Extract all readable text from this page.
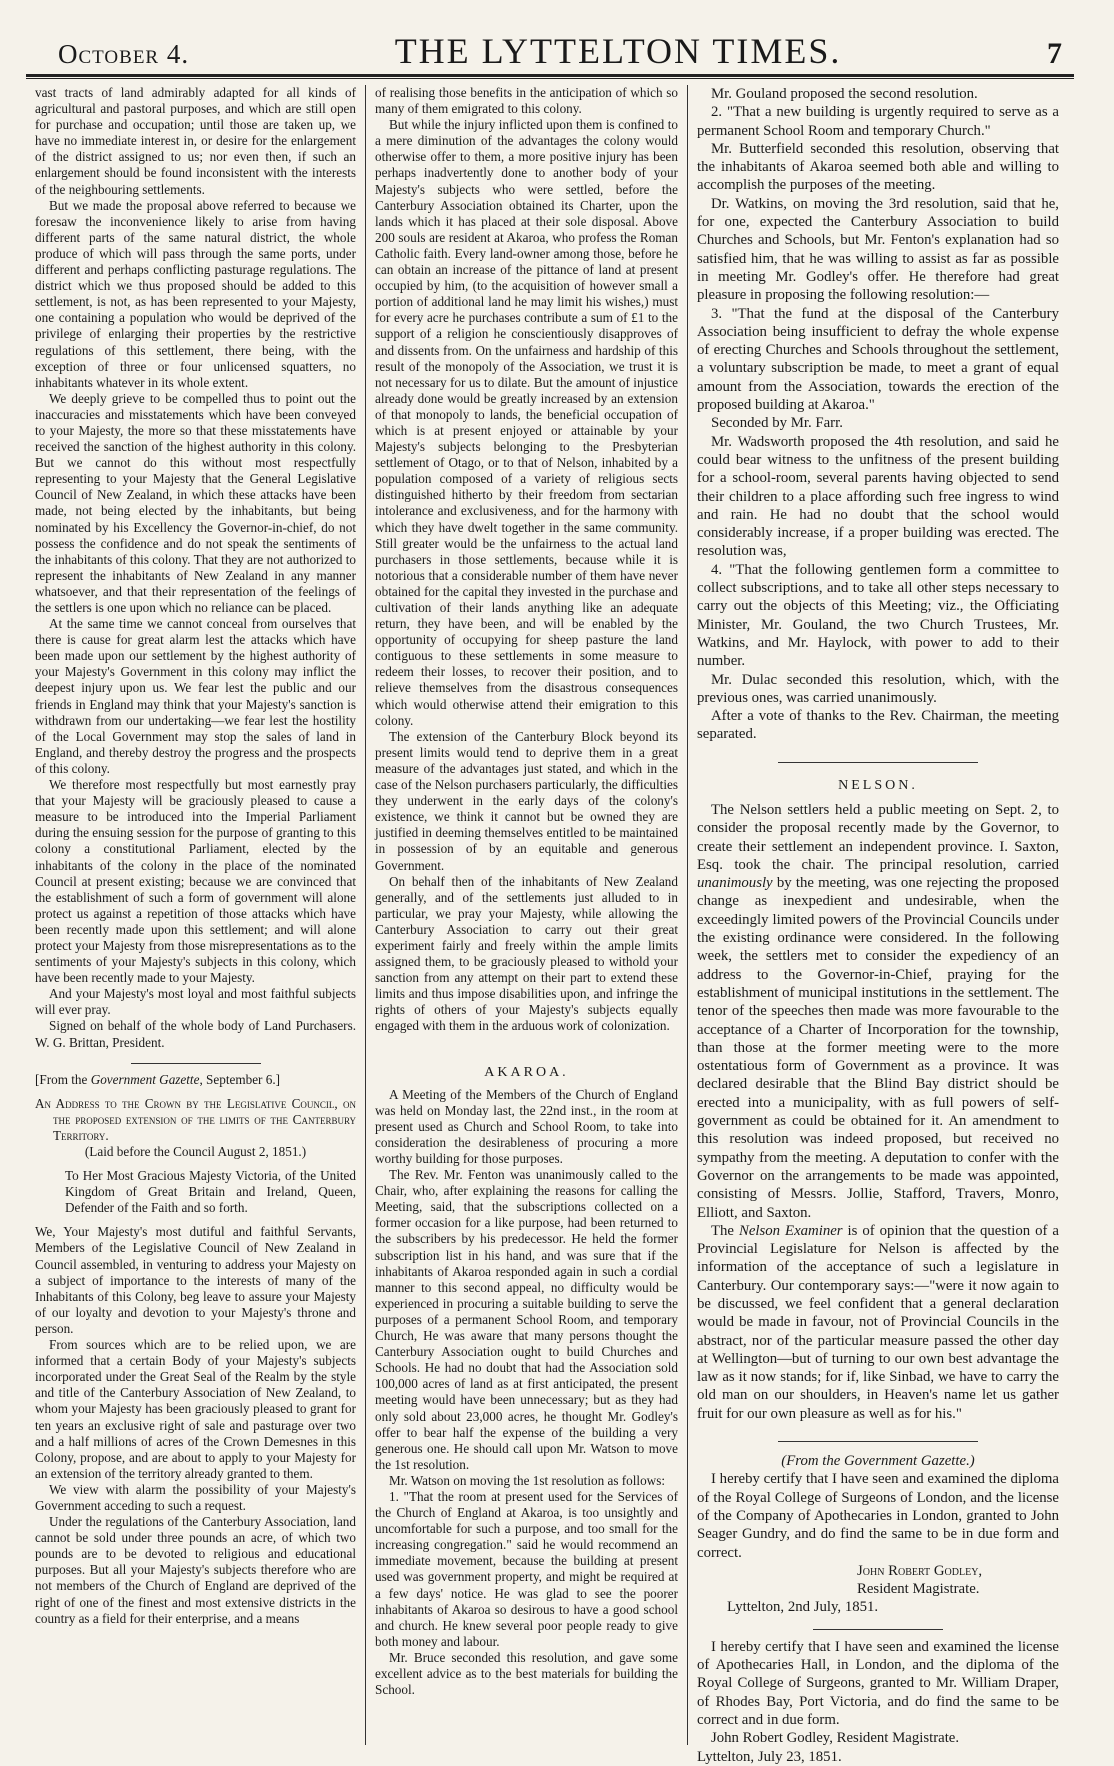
October 4.	THE LYTTELTON TIMES.	7

vast tracts of land admirably adapted for all kinds of agricultural and pastoral purposes, and which are still open for purchase and occupation; until those are taken up, we have no immediate interest in, or desire for the enlargement of the district assigned to us; nor even then, if such an enlargement should be found inconsistent with the interests of the neighbouring settlements.

But we made the proposal above referred to because we foresaw the inconvenience likely to arise from having different parts of the same natural district, the whole produce of which will pass through the same ports, under different and perhaps conflicting pasturage regulations. The district which we thus proposed should be added to this settlement, is not, as has been represented to your Majesty, one containing a population who would be deprived of the privilege of enlarging their properties by the restrictive regulations of this settlement, there being, with the exception of three or four unlicensed squatters, no inhabitants whatever in its whole extent.

We deeply grieve to be compelled thus to point out the inaccuracies and misstatements which have been conveyed to your Majesty, the more so that these misstatements have received the sanction of the highest authority in this colony. But we cannot do this without most respectfully representing to your Majesty that the General Legislative Council of New Zealand, in which these attacks have been made, not being elected by the inhabitants, but being nominated by his Excellency the Governor-in-chief, do not possess the confidence and do not speak the sentiments of the inhabitants of this colony. That they are not authorized to represent the inhabitants of New Zealand in any manner whatsoever, and that their representation of the feelings of the settlers is one upon which no reliance can be placed.

At the same time we cannot conceal from ourselves that there is cause for great alarm lest the attacks which have been made upon our settlement by the highest authority of your Majesty's Government in this colony may inflict the deepest injury upon us. We fear lest the public and our friends in England may think that your Majesty's sanction is withdrawn from our undertaking—we fear lest the hostility of the Local Government may stop the sales of land in England, and thereby destroy the progress and the prospects of this colony.

We therefore most respectfully but most earnestly pray that your Majesty will be graciously pleased to cause a measure to be introduced into the Imperial Parliament during the ensuing session for the purpose of granting to this colony a constitutional Parliament, elected by the inhabitants of the colony in the place of the nominated Council at present existing; because we are convinced that the establishment of such a form of government will alone protect us against a repetition of those attacks which have been recently made upon this settlement; and will alone protect your Majesty from those misrepresentations as to the sentiments of your Majesty's subjects in this colony, which have been recently made to your Majesty.

And your Majesty's most loyal and most faithful subjects will ever pray.

Signed on behalf of the whole body of Land Purchasers. W. G. Brittan, President.

[From the Government Gazette, September 6.]

An Address to the Crown by the Legislative Council, on the proposed extension of the limits of the Canterbury Territory.

(Laid before the Council August 2, 1851.)

To Her Most Gracious Majesty Victoria, of the United Kingdom of Great Britain and Ireland, Queen, Defender of the Faith and so forth.

We, Your Majesty's most dutiful and faithful Servants, Members of the Legislative Council of New Zealand in Council assembled, in venturing to address your Majesty on a subject of importance to the interests of many of the Inhabitants of this Colony, beg leave to assure your Majesty of our loyalty and devotion to your Majesty's throne and person.

From sources which are to be relied upon, we are informed that a certain Body of your Majesty's subjects incorporated under the Great Seal of the Realm by the style and title of the Canterbury Association of New Zealand, to whom your Majesty has been graciously pleased to grant for ten years an exclusive right of sale and pasturage over two and a half millions of acres of the Crown Demesnes in this Colony, propose, and are about to apply to your Majesty for an extension of the territory already granted to them.

We view with alarm the possibility of your Majesty's Government acceding to such a request.

Under the regulations of the Canterbury Association, land cannot be sold under three pounds an acre, of which two pounds are to be devoted to religious and educational purposes. But all your Majesty's subjects therefore who are not members of the Church of England are deprived of the right of one of the finest and most extensive districts in the country as a field for their enterprise, and a means

of realising those benefits in the anticipation of which so many of them emigrated to this colony.

But while the injury inflicted upon them is confined to a mere diminution of the advantages the colony would otherwise offer to them, a more positive injury has been perhaps inadvertently done to another body of your Majesty's subjects who were settled, before the Canterbury Association obtained its Charter, upon the lands which it has placed at their sole disposal. Above 200 souls are resident at Akaroa, who profess the Roman Catholic faith. Every land-owner among those, before he can obtain an increase of the pittance of land at present occupied by him, (to the acquisition of however small a portion of additional land he may limit his wishes,) must for every acre he purchases contribute a sum of £1 to the support of a religion he conscientiously disapproves of and dissents from. On the unfairness and hardship of this result of the monopoly of the Association, we trust it is not necessary for us to dilate. But the amount of injustice already done would be greatly increased by an extension of that monopoly to lands, the beneficial occupation of which is at present enjoyed or attainable by your Majesty's subjects belonging to the Presbyterian settlement of Otago, or to that of Nelson, inhabited by a population composed of a variety of religious sects distinguished hitherto by their freedom from sectarian intolerance and exclusiveness, and for the harmony with which they have dwelt together in the same community. Still greater would be the unfairness to the actual land purchasers in those settlements, because while it is notorious that a considerable number of them have never obtained for the capital they invested in the purchase and cultivation of their lands anything like an adequate return, they have been, and will be enabled by the opportunity of occupying for sheep pasture the land contiguous to these settlements in some measure to redeem their losses, to recover their position, and to relieve themselves from the disastrous consequences which would otherwise attend their emigration to this colony.

The extension of the Canterbury Block beyond its present limits would tend to deprive them in a great measure of the advantages just stated, and which in the case of the Nelson purchasers particularly, the difficulties they underwent in the early days of the colony's existence, we think it cannot but be owned they are justified in deeming themselves entitled to be maintained in possession of by an equitable and generous Government.

On behalf then of the inhabitants of New Zealand generally, and of the settlements just alluded to in particular, we pray your Majesty, while allowing the Canterbury Association to carry out their great experiment fairly and freely within the ample limits assigned them, to be graciously pleased to withold your sanction from any attempt on their part to extend these limits and thus impose disabilities upon, and infringe the rights of others of your Majesty's subjects equally engaged with them in the arduous work of colonization.

AKAROA.

A Meeting of the Members of the Church of England was held on Monday last, the 22nd inst., in the room at present used as Church and School Room, to take into consideration the desirableness of procuring a more worthy building for those purposes.

The Rev. Mr. Fenton was unanimously called to the Chair, who, after explaining the reasons for calling the Meeting, said, that the subscriptions collected on a former occasion for a like purpose, had been returned to the subscribers by his predecessor. He held the former subscription list in his hand, and was sure that if the inhabitants of Akaroa responded again in such a cordial manner to this second appeal, no difficulty would be experienced in procuring a suitable building to serve the purposes of a permanent School Room, and temporary Church, He was aware that many persons thought the Canterbury Association ought to build Churches and Schools. He had no doubt that had the Association sold 100,000 acres of land as at first anticipated, the present meeting would have been unnecessary; but as they had only sold about 23,000 acres, he thought Mr. Godley's offer to bear half the expense of the building a very generous one. He should call upon Mr. Watson to move the 1st resolution.

Mr. Watson on moving the 1st resolution as follows:

1. "That the room at present used for the Services of the Church of England at Akaroa, is too unsightly and uncomfortable for such a purpose, and too small for the increasing congregation." said he would recommend an immediate movement, because the building at present used was government property, and might be required at a few days' notice. He was glad to see the poorer inhabitants of Akaroa so desirous to have a good school and church. He knew several poor people ready to give both money and labour.

Mr. Bruce seconded this resolution, and gave some excellent advice as to the best materials for building the School.

Mr. Gouland proposed the second resolution.

2. "That a new building is urgently required to serve as a permanent School Room and temporary Church."

Mr. Butterfield seconded this resolution, observing that the inhabitants of Akaroa seemed both able and willing to accomplish the purposes of the meeting.

Dr. Watkins, on moving the 3rd resolution, said that he, for one, expected the Canterbury Association to build Churches and Schools, but Mr. Fenton's explanation had so satisfied him, that he was willing to assist as far as possible in meeting Mr. Godley's offer. He therefore had great pleasure in proposing the following resolution:—

3. "That the fund at the disposal of the Canterbury Association being insufficient to defray the whole expense of erecting Churches and Schools throughout the settlement, a voluntary subscription be made, to meet a grant of equal amount from the Association, towards the erection of the proposed building at Akaroa."

Seconded by Mr. Farr.

Mr. Wadsworth proposed the 4th resolution, and said he could bear witness to the unfitness of the present building for a school-room, several parents having objected to send their children to a place affording such free ingress to wind and rain. He had no doubt that the school would considerably increase, if a proper building was erected. The resolution was,

4. "That the following gentlemen form a committee to collect subscriptions, and to take all other steps necessary to carry out the objects of this Meeting; viz., the Officiating Minister, Mr. Gouland, the two Church Trustees, Mr. Watkins, and Mr. Haylock, with power to add to their number.

Mr. Dulac seconded this resolution, which, with the previous ones, was carried unanimously.

After a vote of thanks to the Rev. Chairman, the meeting separated.

NELSON.

The Nelson settlers held a public meeting on Sept. 2, to consider the proposal recently made by the Governor, to create their settlement an independent province. I. Saxton, Esq. took the chair. The principal resolution, carried unanimously by the meeting, was one rejecting the proposed change as inexpedient and undesirable, when the exceedingly limited powers of the Provincial Councils under the existing ordinance were considered. In the following week, the settlers met to consider the expediency of an address to the Governor-in-Chief, praying for the establishment of municipal institutions in the settlement. The tenor of the speeches then made was more favourable to the acceptance of a Charter of Incorporation for the township, than those at the former meeting were to the more ostentatious form of Government as a province. It was declared desirable that the Blind Bay district should be erected into a municipality, with as full powers of self-government as could be obtained for it. An amendment to this resolution was indeed proposed, but received no sympathy from the meeting. A deputation to confer with the Governor on the arrangements to be made was appointed, consisting of Messrs. Jollie, Stafford, Travers, Monro, Elliott, and Saxton.

The Nelson Examiner is of opinion that the question of a Provincial Legislature for Nelson is affected by the information of the acceptance of such a legislature in Canterbury. Our contemporary says:—"were it now again to be discussed, we feel confident that a general declaration would be made in favour, not of Provincial Councils in the abstract, nor of the particular measure passed the other day at Wellington—but of turning to our own best advantage the law as it now stands; for if, like Sinbad, we have to carry the old man on our shoulders, in Heaven's name let us gather fruit for our own pleasure as well as for his."

(From the Government Gazette.)

I hereby certify that I have seen and examined the diploma of the Royal College of Surgeons of London, and the license of the Company of Apothecaries in London, granted to John Seager Gundry, and do find the same to be in due form and correct.

John Robert Godley,

Resident Magistrate.

Lyttelton, 2nd July, 1851.

I hereby certify that I have seen and examined the license of Apothecaries Hall, in London, and the diploma of the Royal College of Surgeons, granted to Mr. William Draper, of Rhodes Bay, Port Victoria, and do find the same to be correct and in due form.

John Robert Godley, Resident Magistrate.

Lyttelton, July 23, 1851.
